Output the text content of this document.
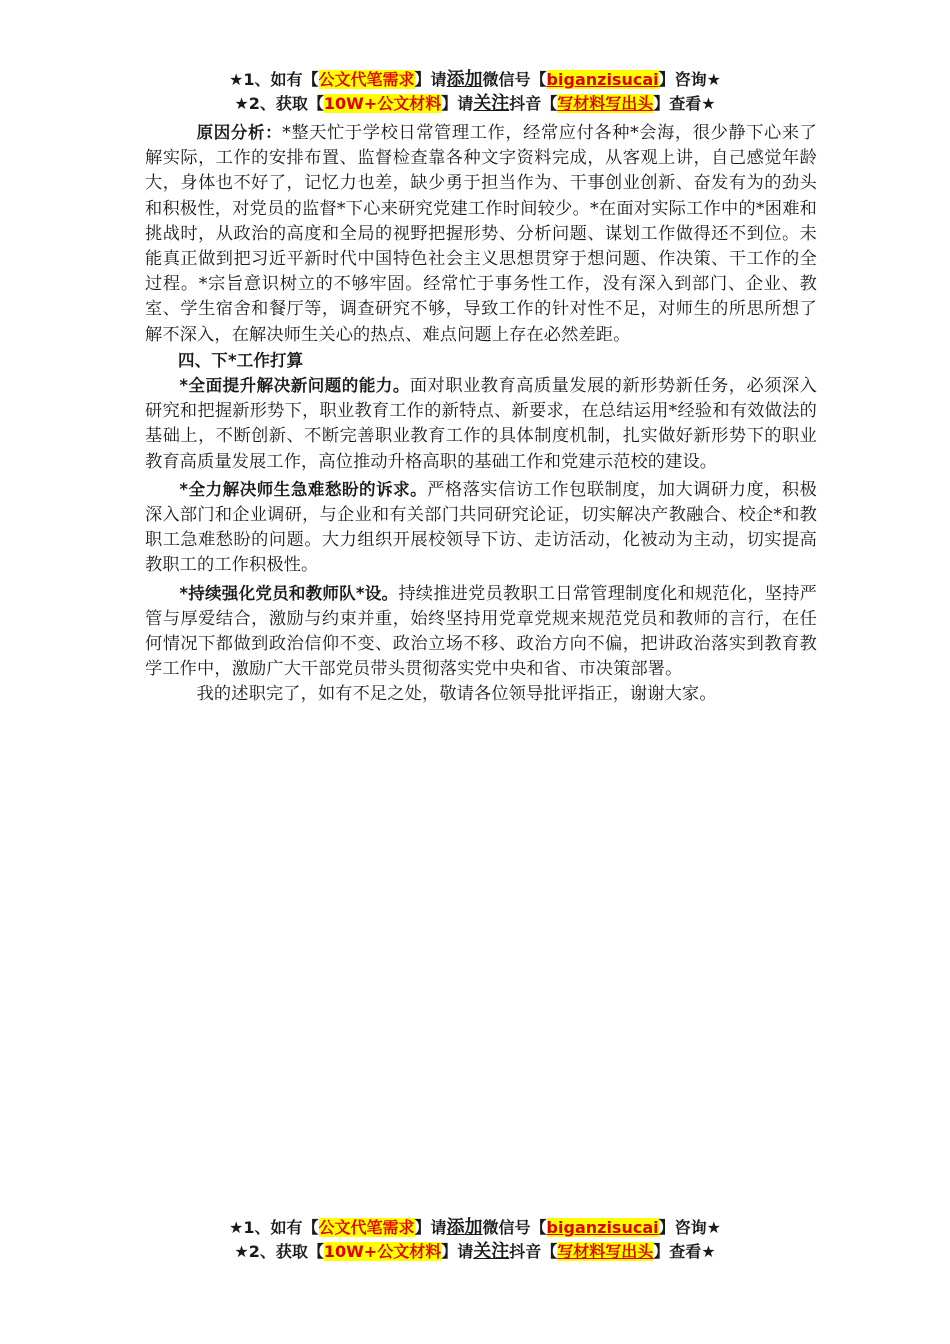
★1、如有【公文代笔需求】请添加微信号【biganzisucai】咨询★
★2、获取【10W+公文材料】请关注抖音【写材料写出头】查看★

原因分析：*整天忙于学校日常管理工作，经常应付各种*会海，很少静下心来了解实际，工作的安排布置、监督检查靠各种文字资料完成，从客观上讲，自己感觉年龄大，身体也不好了，记忆力也差，缺少勇于担当作为、干事创业创新、奋发有为的劲头和积极性，对党员的监督*下心来研究党建工作时间较少。*在面对实际工作中的*困难和挑战时，从政治的高度和全局的视野把握形势、分析问题、谋划工作做得还不到位。未能真正做到把习近平新时代中国特色社会主义思想贯穿于想问题、作决策、干工作的全过程。*宗旨意识树立的不够牢固。经常忙于事务性工作，没有深入到部门、企业、教室、学生宿舍和餐厅等，调查研究不够，导致工作的针对性不足，对师生的所思所想了解不深入，在解决师生关心的热点、难点问题上存在必然差距。

四、下*工作打算

*全面提升解决新问题的能力。面对职业教育高质量发展的新形势新任务，必须深入研究和把握新形势下，职业教育工作的新特点、新要求，在总结运用*经验和有效做法的基础上，不断创新、不断完善职业教育工作的具体制度机制，扎实做好新形势下的职业教育高质量发展工作，高位推动升格高职的基础工作和党建示范校的建设。

*全力解决师生急难愁盼的诉求。严格落实信访工作包联制度，加大调研力度，积极深入部门和企业调研，与企业和有关部门共同研究论证，切实解决产教融合、校企*和教职工急难愁盼的问题。大力组织开展校领导下访、走访活动，化被动为主动，切实提高教职工的工作积极性。

*持续强化党员和教师队*设。持续推进党员教职工日常管理制度化和规范化，坚持严管与厚爱结合，激励与约束并重，始终坚持用党章党规来规范党员和教师的言行，在任何情况下都做到政治信仰不变、政治立场不移、政治方向不偏，把讲政治落实到教育教学工作中，激励广大干部党员带头贯彻落实党中央和省、市决策部署。

我的述职完了，如有不足之处，敬请各位领导批评指正，谢谢大家。

★1、如有【公文代笔需求】请添加微信号【biganzisucai】咨询★
★2、获取【10W+公文材料】请关注抖音【写材料写出头】查看★
